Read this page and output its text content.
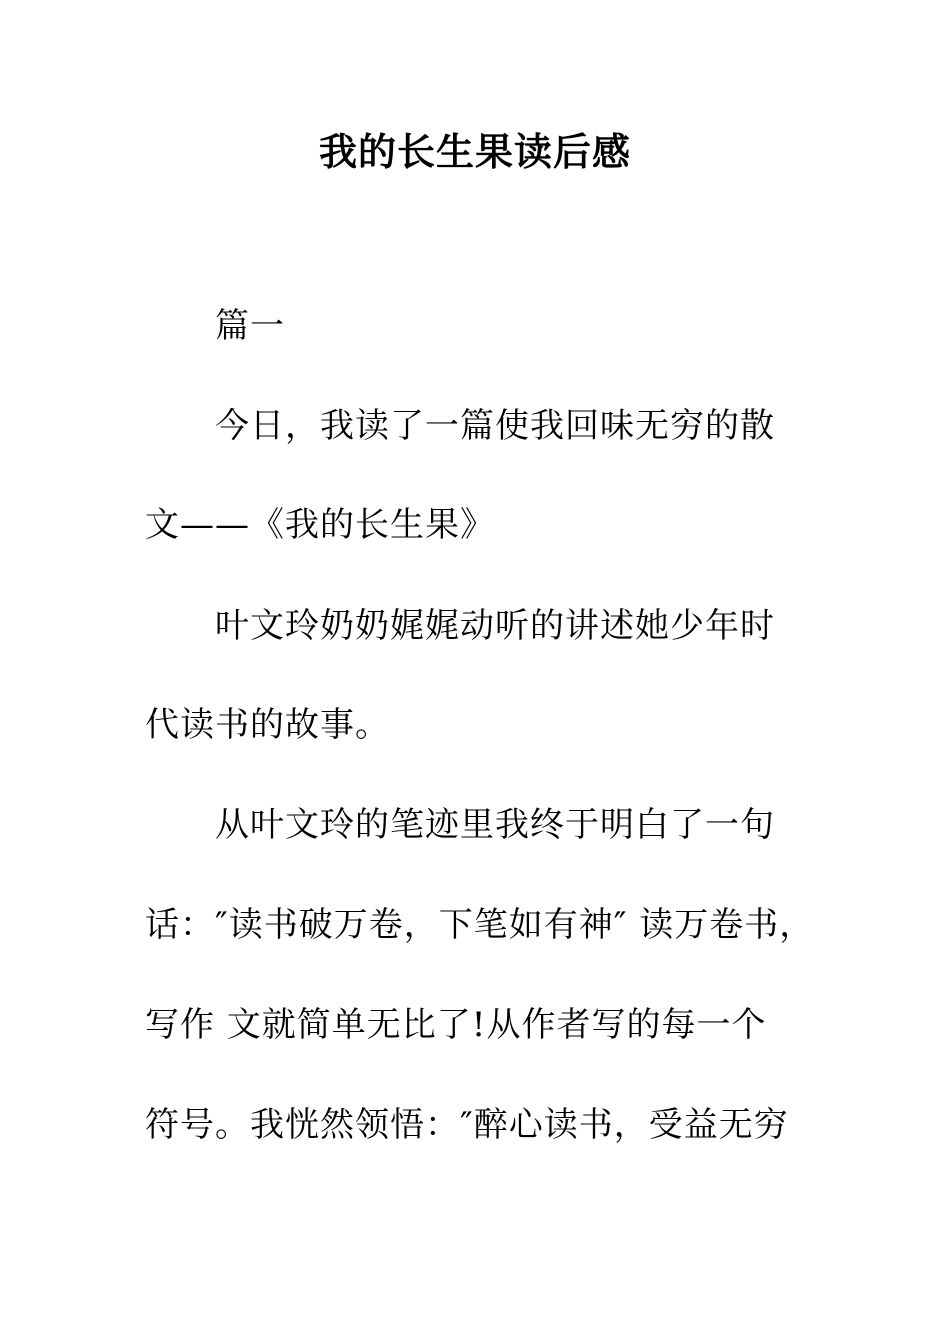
我的长生果读后感
篇一
今日，我读了一篇使我回味无穷的散
文——《我的长生果》
叶文玲奶奶娓娓动听的讲述她少年时
代读书的故事。
从叶文玲的笔迹里我终于明白了一句
话：″读书破万卷，下笔如有神″ 读万卷书，
写作 文就简单无比了!从作者写的每一个
符号。我恍然领悟：″醉心读书，受益无穷
